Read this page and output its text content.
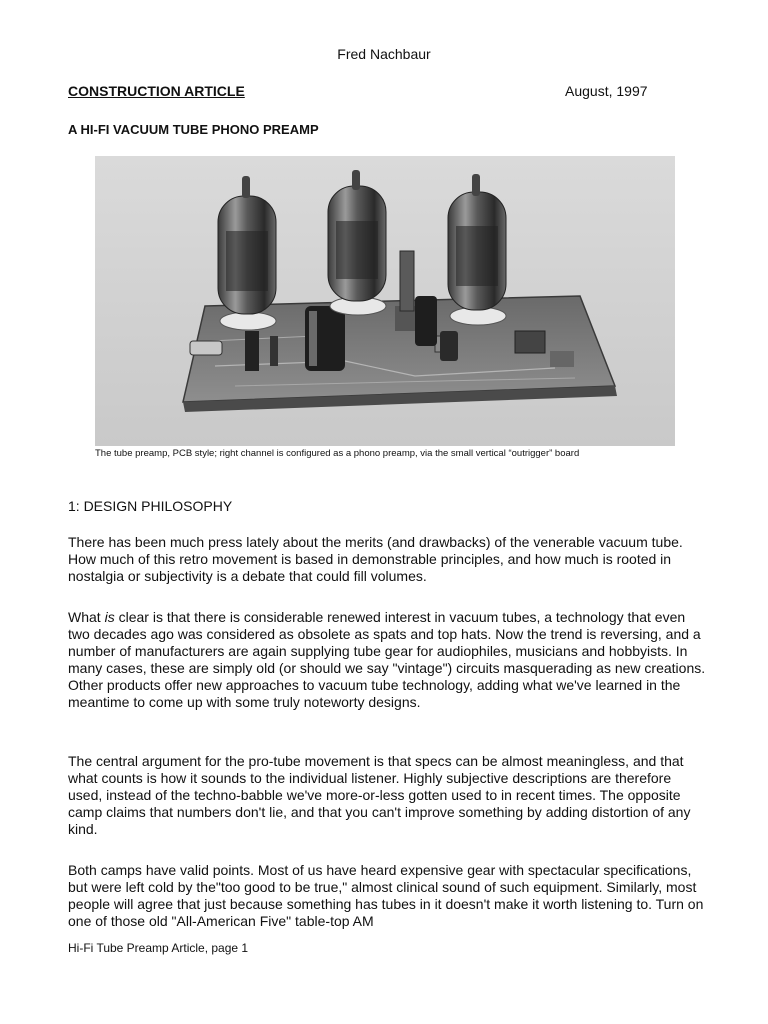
Fred Nachbaur
CONSTRUCTION ARTICLE	August, 1997
A HI-FI VACUUM TUBE PHONO PREAMP
The tube preamp, PCB style; right channel is configured as a phono preamp, via the small vertical “outrigger” board
1: DESIGN PHILOSOPHY

There has been much press lately about the merits (and drawbacks) of the venerable vacuum tube. How much of this retro movement is based in demonstrable principles, and how much is rooted in nostalgia or subjectivity is a debate that could fill volumes.

What is clear is that there is considerable renewed interest in vacuum tubes, a technology that even two decades ago was considered as obsolete as spats and top hats. Now the trend is reversing, and a number of manufacturers are again supplying tube gear for audiophiles, musicians and hobbyists. In many cases, these are simply old (or should we say "vintage") circuits masquerading as new creations. Other products offer new approaches to vacuum tube technology, adding what we've learned in the meantime to come up with some truly noteworty designs.

The central argument for the pro-tube movement is that specs can be almost meaningless, and that what counts is how it sounds to the individual listener. Highly subjective descriptions are therefore used, instead of the techno-babble we've more-or-less gotten used to in recent times. The opposite camp claims that numbers don't lie, and that you can't improve something by adding distortion of any kind.

Both camps have valid points. Most of us have heard expensive gear with spectacular specifications, but were left cold by the"too good to be true," almost clinical sound of such equipment. Similarly, most people will agree that just because something has tubes in it doesn't make it worth listening to. Turn on one of those old "All-American Five" table-top AM

Hi-Fi Tube Preamp Article, page 1
